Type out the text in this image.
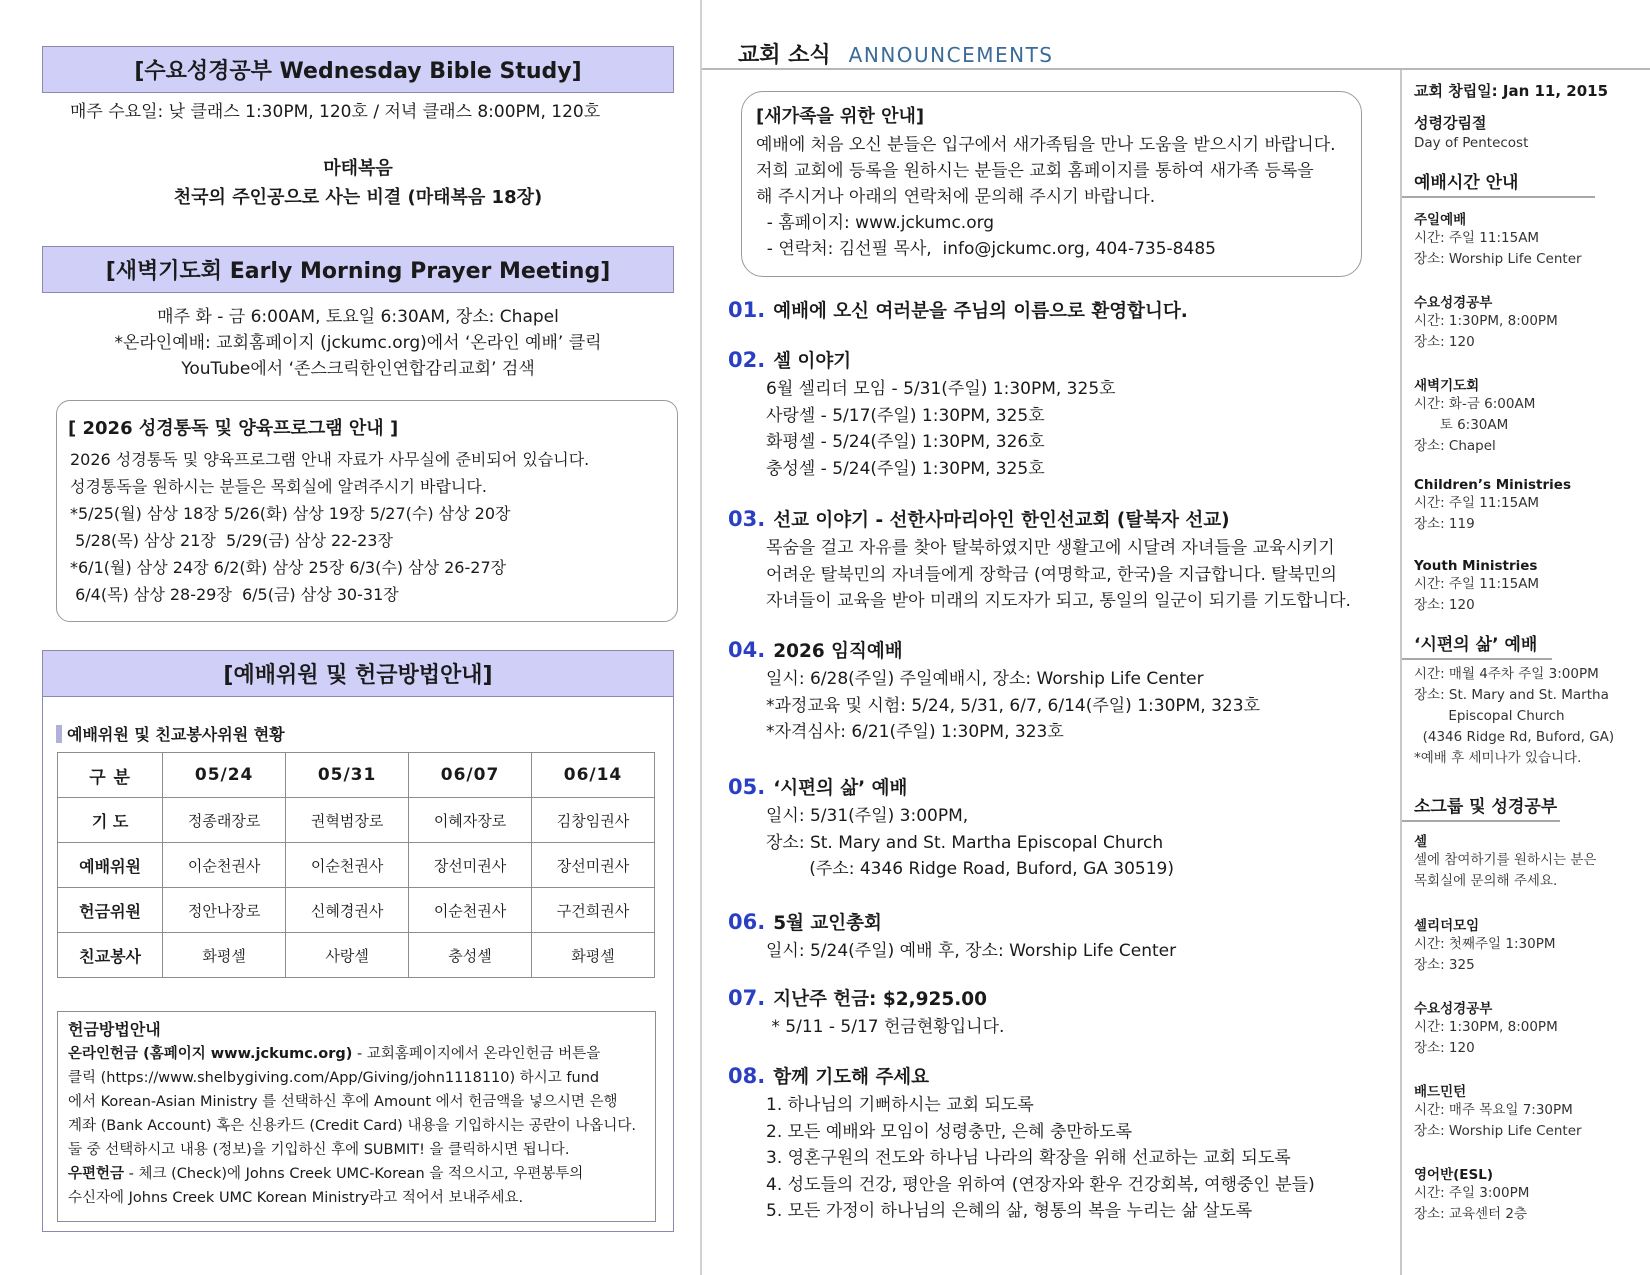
[수요성경공부 Wednesday Bible Study]
매주 수요일: 낮 클래스 1:30PM, 120호 / 저녁 클래스 8:00PM, 120호
마태복음
천국의 주인공으로 사는 비결 (마태복음 18장)
[새벽기도회 Early Morning Prayer Meeting]
매주 화 - 금 6:00AM, 토요일 6:30AM, 장소: Chapel
*온라인예배: 교회홈페이지 (jckumc.org)에서 ‘온라인 예배’ 클릭
YouTube에서 ‘존스크릭한인연합감리교회’ 검색
[ 2026 성경통독 및 양육프로그램 안내 ]
2026 성경통독 및 양육프로그램 안내 자료가 사무실에 준비되어 있습니다.
성경통독을 원하시는 분들은 목회실에 알려주시기 바랍니다.
*5/25(월) 삼상 18장 5/26(화) 삼상 19장 5/27(수) 삼상 20장
5/28(목) 삼상 21장  5/29(금) 삼상 22-23장
*6/1(월) 삼상 24장 6/2(화) 삼상 25장 6/3(수) 삼상 26-27장
6/4(목) 삼상 28-29장  6/5(금) 삼상 30-31장
[예배위원 및 헌금방법안내]
예배위원 및 친교봉사위원 현황
구 분	05/24	05/31	06/07	06/14
기 도	정종래장로	권혁범장로	이혜자장로	김창임권사
예배위원	이순천권사	이순천권사	장선미권사	장선미권사
헌금위원	정안나장로	신혜경권사	이순천권사	구건희권사
친교봉사	화평셀	사랑셀	충성셀	화평셀
헌금방법안내
온라인헌금 (홈페이지 www.jckumc.org) - 교회홈페이지에서 온라인헌금 버튼을
클릭 (https://www.shelbygiving.com/App/Giving/john1118110) 하시고 fund
에서 Korean-Asian Ministry 를 선택하신 후에 Amount 에서 헌금액을 넣으시면 은행
계좌 (Bank Account) 혹은 신용카드 (Credit Card) 내용을 기입하시는 공란이 나옵니다.
둘 중 선택하시고 내용 (정보)을 기입하신 후에 SUBMIT! 을 클릭하시면 됩니다.
우편헌금 - 체크 (Check)에 Johns Creek UMC-Korean 을 적으시고, 우편봉투의
수신자에 Johns Creek UMC Korean Ministry라고 적어서 보내주세요.
교회 소식 ANNOUNCEMENTS
[새가족을 위한 안내]
예배에 처음 오신 분들은 입구에서 새가족팀을 만나 도움을 받으시기 바랍니다.
저희 교회에 등록을 원하시는 분들은 교회 홈페이지를 통하여 새가족 등록을
해 주시거나 아래의 연락처에 문의해 주시기 바랍니다.
- 홈페이지: www.jckumc.org
- 연락처: 김선필 목사,  info@jckumc.org, 404-735-8485
01. 예배에 오신 여러분을 주님의 이름으로 환영합니다.
02. 셀 이야기
6월 셀리더 모임 - 5/31(주일) 1:30PM, 325호
사랑셀 - 5/17(주일) 1:30PM, 325호
화평셀 - 5/24(주일) 1:30PM, 326호
충성셀 - 5/24(주일) 1:30PM, 325호
03. 선교 이야기 - 선한사마리아인 한인선교회 (탈북자 선교)
목숨을 걸고 자유를 찾아 탈북하였지만 생활고에 시달려 자녀들을 교육시키기
어려운 탈북민의 자녀들에게 장학금 (여명학교, 한국)을 지급합니다. 탈북민의
자녀들이 교육을 받아 미래의 지도자가 되고, 통일의 일군이 되기를 기도합니다.
04. 2026 임직예배
일시: 6/28(주일) 주일예배시, 장소: Worship Life Center
*과정교육 및 시험: 5/24, 5/31, 6/7, 6/14(주일) 1:30PM, 323호
*자격심사: 6/21(주일) 1:30PM, 323호
05. ‘시편의 삶’ 예배
일시: 5/31(주일) 3:00PM,
장소: St. Mary and St. Martha Episcopal Church
(주소: 4346 Ridge Road, Buford, GA 30519)
06. 5월 교인총회
일시: 5/24(주일) 예배 후, 장소: Worship Life Center
07. 지난주 헌금: $2,925.00
* 5/11 - 5/17 헌금현황입니다.
08. 함께 기도해 주세요
1. 하나님의 기뻐하시는 교회 되도록
2. 모든 예배와 모임이 성령충만, 은혜 충만하도록
3. 영혼구원의 전도와 하나님 나라의 확장을 위해 선교하는 교회 되도록
4. 성도들의 건강, 평안을 위하여 (연장자와 환우 건강회복, 여행중인 분들)
5. 모든 가정이 하나님의 은혜의 삶, 형통의 복을 누리는 삶 살도록
교회 창립일: Jan 11, 2015
성령강림절
Day of Pentecost
예배시간 안내
주일예배
시간: 주일 11:15AM
장소: Worship Life Center
수요성경공부
시간: 1:30PM, 8:00PM
장소: 120
새벽기도회
시간: 화-금 6:00AM
토 6:30AM
장소: Chapel
Children’s Ministries
시간: 주일 11:15AM
장소: 119
Youth Ministries
시간: 주일 11:15AM
장소: 120
‘시편의 삶’ 예배
시간: 매월 4주차 주일 3:00PM
장소: St. Mary and St. Martha
Episcopal Church
(4346 Ridge Rd, Buford, GA)
*예배 후 세미나가 있습니다.
소그룹 및 성경공부
셀
셀에 참여하기를 원하시는 분은
목회실에 문의해 주세요.
셀리더모임
시간: 첫째주일 1:30PM
장소: 325
수요성경공부
시간: 1:30PM, 8:00PM
장소: 120
배드민턴
시간: 매주 목요일 7:30PM
장소: Worship Life Center
영어반(ESL)
시간: 주일 3:00PM
장소: 교육센터 2층
